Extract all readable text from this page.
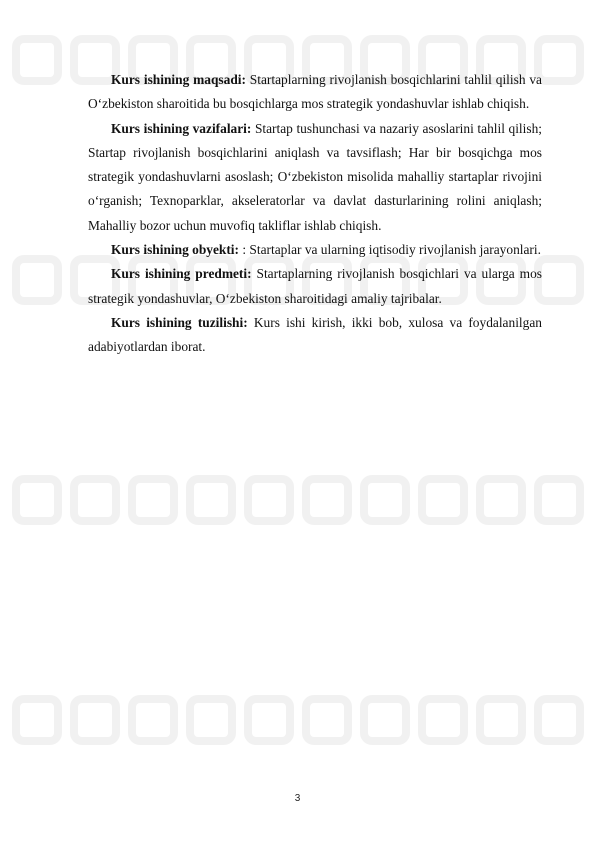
Kurs ishining maqsadi: Startaplarning rivojlanish bosqichlarini tahlil qilish va O‘zbekiston sharoitida bu bosqichlarga mos strategik yondashuvlar ishlab chiqish.

Kurs ishining vazifalari: Startap tushunchasi va nazariy asoslarini tahlil qilish; Startap rivojlanish bosqichlarini aniqlash va tavsiflash; Har bir bosqichga mos strategik yondashuvlarni asoslash; O‘zbekiston misolida mahalliy startaplar rivojini o‘rganish; Texnoparklar, akseleratorlar va davlat dasturlarining rolini aniqlash; Mahalliy bozor uchun muvofiq takliflar ishlab chiqish.

Kurs ishining obyekti: : Startaplar va ularning iqtisodiy rivojlanish jarayonlari.

Kurs ishining predmeti: Startaplarning rivojlanish bosqichlari va ularga mos strategik yondashuvlar, O‘zbekiston sharoitidagi amaliy tajribalar.

Kurs ishining tuzilishi: Kurs ishi kirish, ikki bob, xulosa va foydalanilgan adabiyotlardan iborat.

3
